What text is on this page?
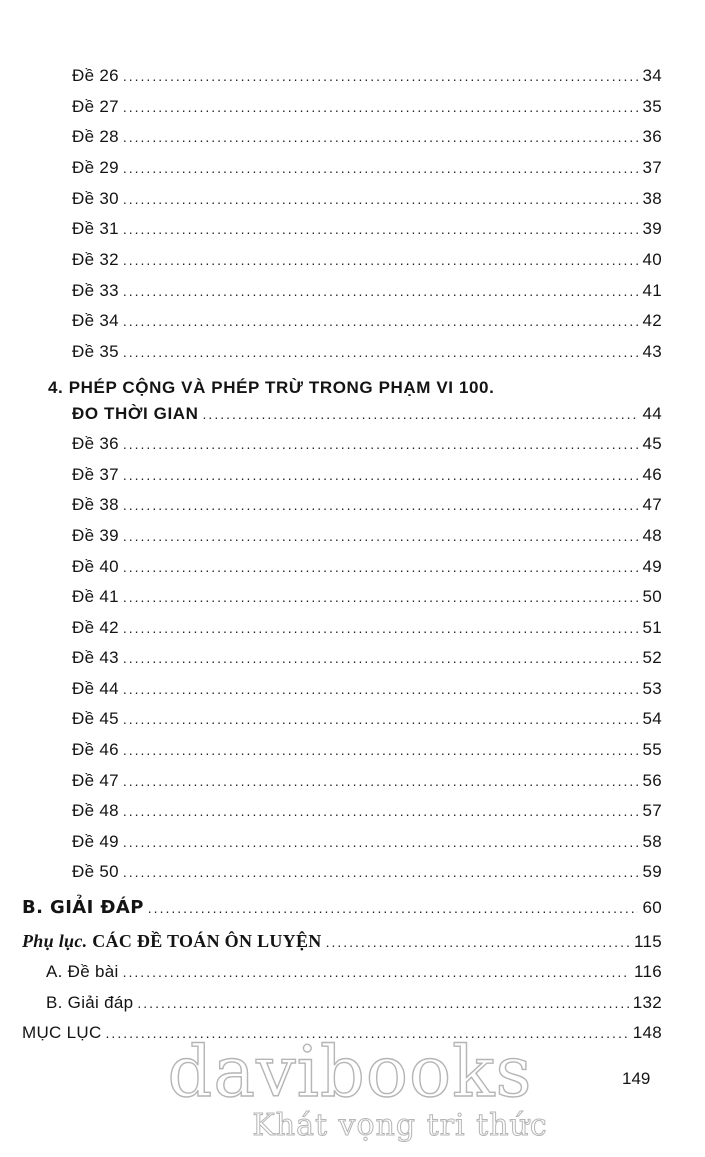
Đề 26 .....	34
Đề 27 .....	35
Đề 28 .....	36
Đề 29 .....	37
Đề 30 .....	38
Đề 31 .....	39
Đề 32 .....	40
Đề 33 .....	41
Đề 34 .....	42
Đề 35 .....	43
4. PHÉP CỘNG VÀ PHÉP TRỪ TRONG PHẠM VI 100.
ĐO THỜI GIAN .....	44
Đề 36 .....	45
Đề 37 .....	46
Đề 38 .....	47
Đề 39 .....	48
Đề 40 .....	49
Đề 41 .....	50
Đề 42 .....	51
Đề 43 .....	52
Đề 44 .....	53
Đề 45 .....	54
Đề 46 .....	55
Đề 47 .....	56
Đề 48 .....	57
Đề 49 .....	58
Đề 50 .....	59
B. GIẢI ĐÁP .....	60
Phụ lục. CÁC ĐỀ TOÁN ÔN LUYỆN .....	115
A. Đề bài .....	116
B. Giải đáp .....	132
MỤC LỤC .....	148
davibooks
Khát vọng tri thức
149
